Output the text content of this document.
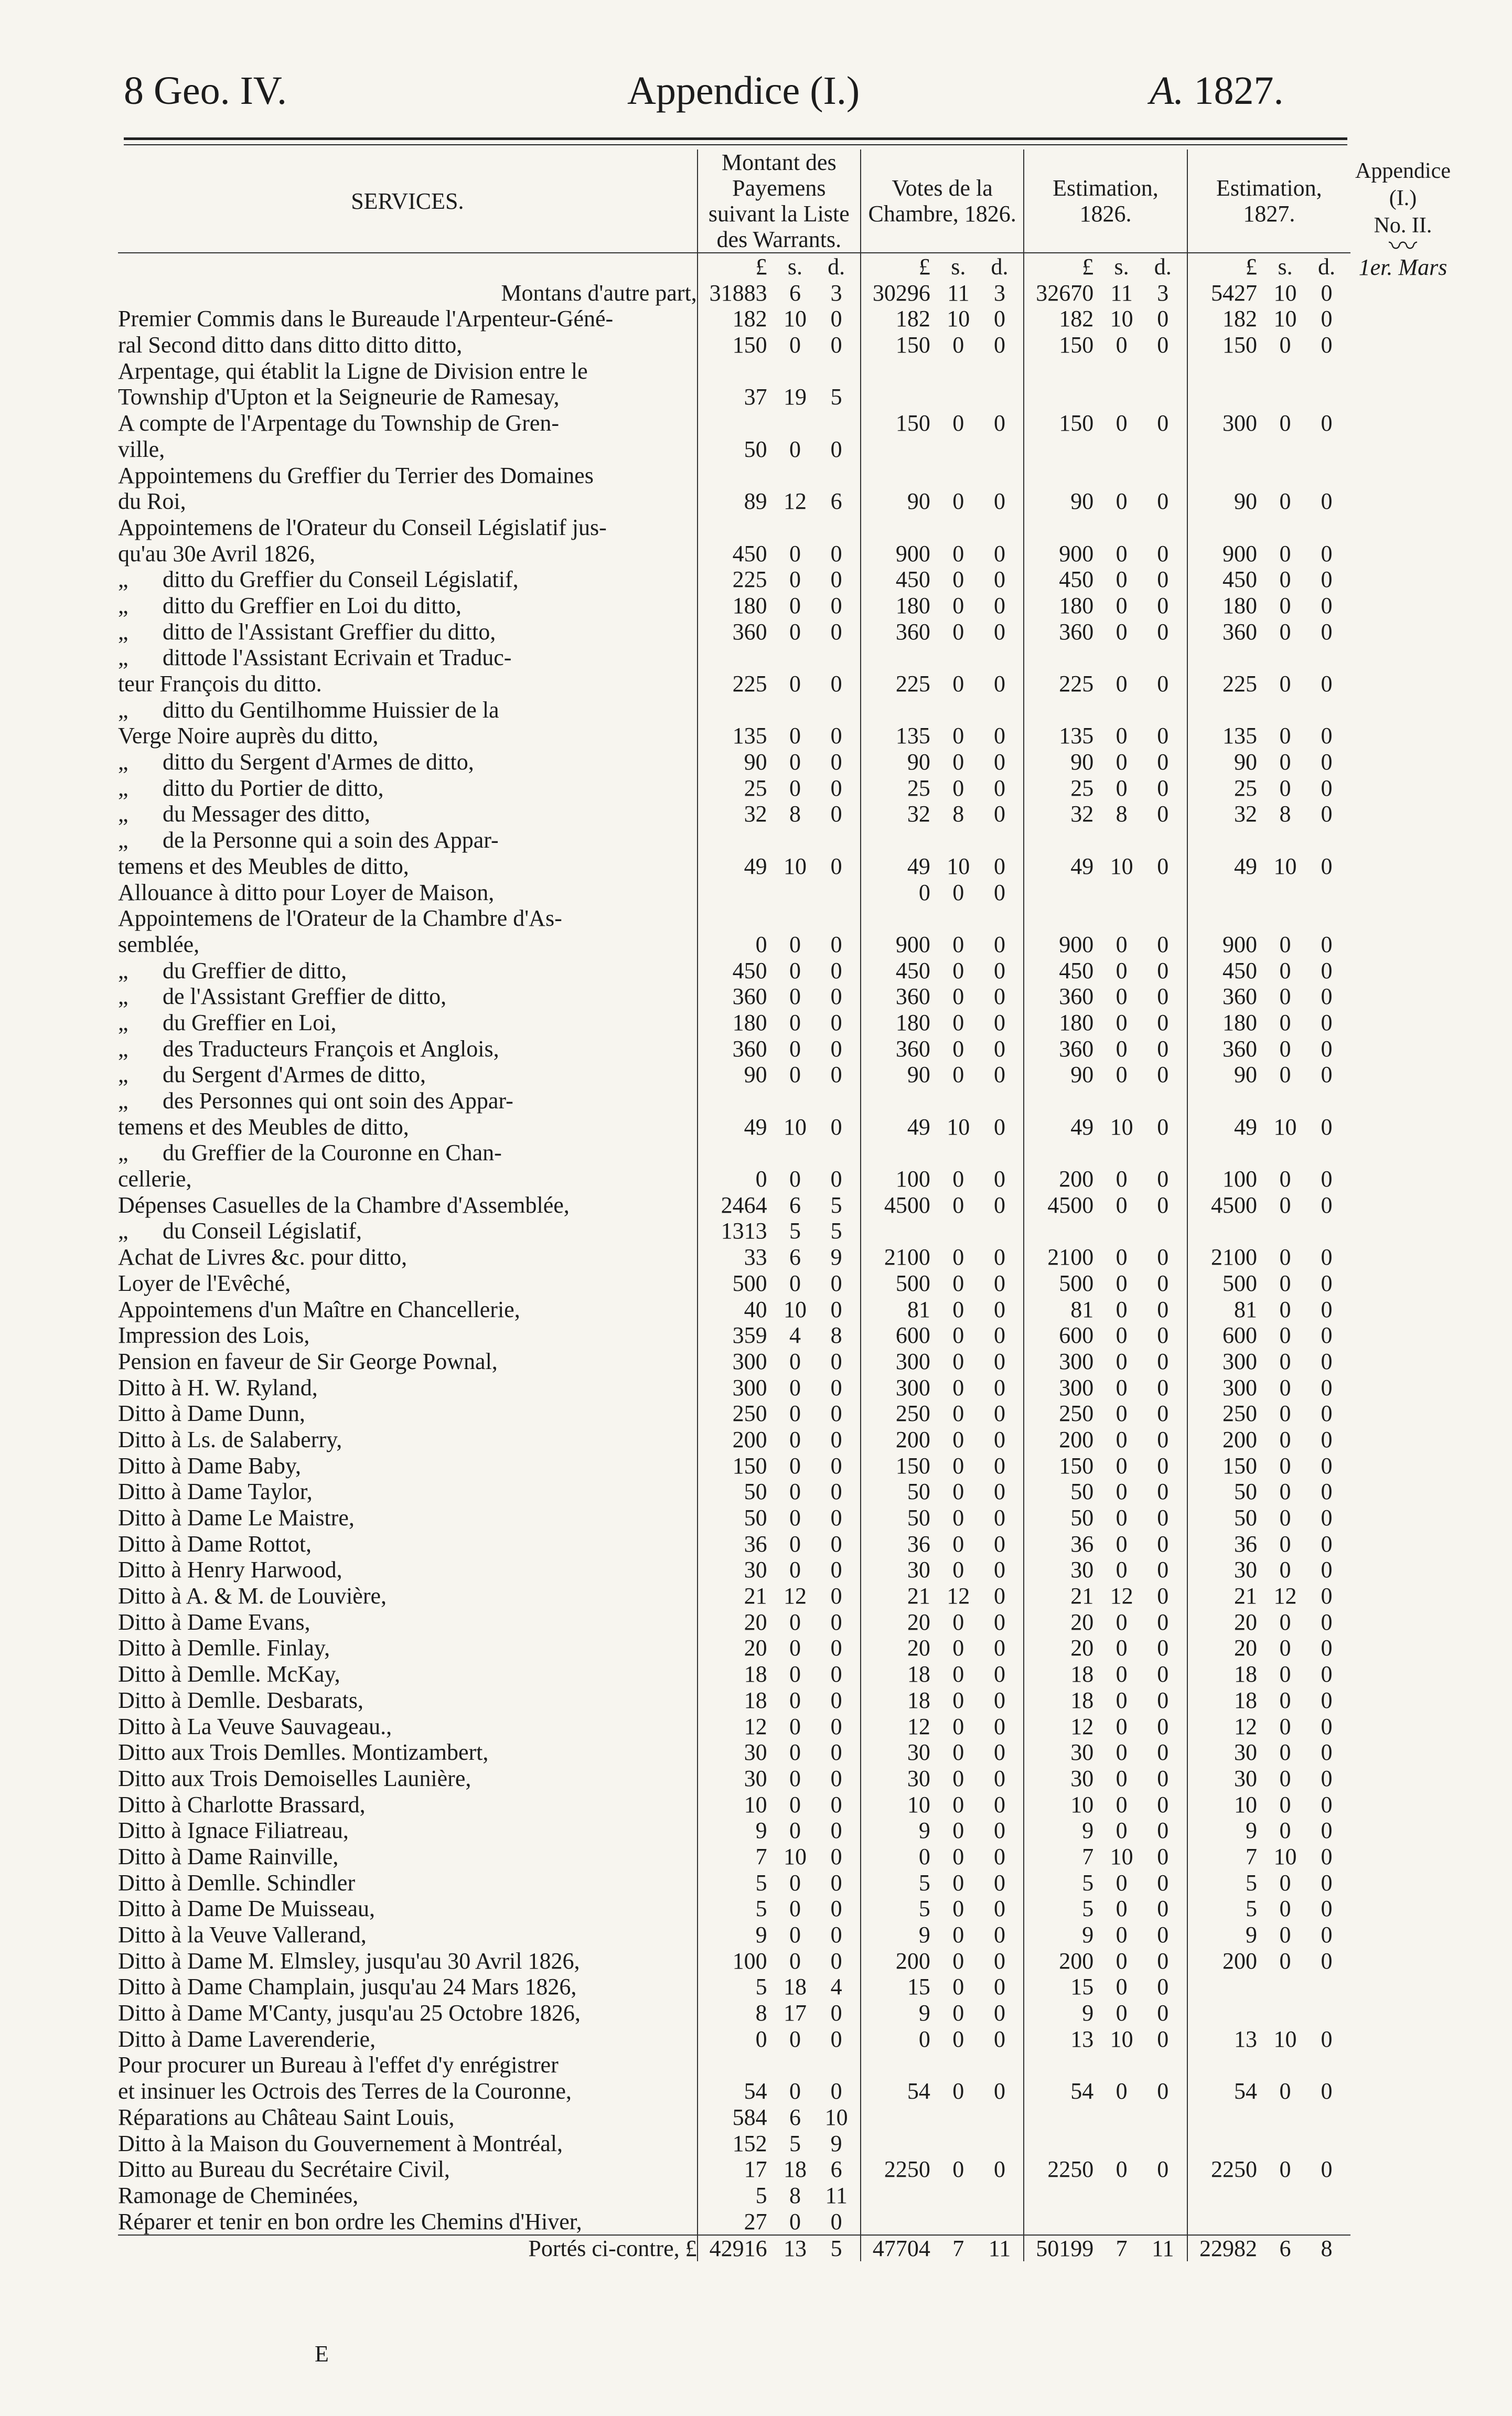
8 Geo. IV.	Appendice (I.)	A. 1827.
Appendice
(I.)
No. II.
〰
1er. Mars
SERVICES.	Montant des Payemens suivant la Liste des Warrants.	Votes de la Chambre, 1826.	Estimation, 1826.	Estimation, 1827.

	£ s. d.	£ s. d.	£ s. d.	£ s. d.

Montans d'autre part,	31883 6 3	30296 11 3	32670 11 3	5427 10 0

Premier Commis dans le Bureaude l'Arpenteur-Géné-	182 10 0	182 10 0	182 10 0	182 10 0

ral Second ditto dans ditto ditto ditto,	150 0 0	150 0 0	150 0 0	150 0 0

Arpentage, qui établit la Ligne de Division entre le	

Township d'Upton et la Seigneurie de Ramesay,	37 19 5			

A compte de l'Arpentage du Township de Gren-		150 0 0	150 0 0	300 0 0

ville,	50 0 0			

Appointemens du Greffier du Terrier des Domaines	

du Roi,	89 12 6	90 0 0	90 0 0	90 0 0

Appointemens de l'Orateur du Conseil Législatif jus-	

qu'au 30e Avril 1826,	450 0 0	900 0 0	900 0 0	900 0 0

„ ditto du Greffier du Conseil Législatif,	225 0 0	450 0 0	450 0 0	450 0 0

„ ditto du Greffier en Loi du ditto,	180 0 0	180 0 0	180 0 0	180 0 0

„ ditto de l'Assistant Greffier du ditto,	360 0 0	360 0 0	360 0 0	360 0 0

„ dittode l'Assistant Ecrivain et Traduc-	

teur François du ditto.	225 0 0	225 0 0	225 0 0	225 0 0

„ ditto du Gentilhomme Huissier de la	

Verge Noire auprès du ditto,	135 0 0	135 0 0	135 0 0	135 0 0

„ ditto du Sergent d'Armes de ditto,	90 0 0	90 0 0	90 0 0	90 0 0

„ ditto du Portier de ditto,	25 0 0	25 0 0	25 0 0	25 0 0

„ du Messager des ditto,	32 8 0	32 8 0	32 8 0	32 8 0

„ de la Personne qui a soin des Appar-	

temens et des Meubles de ditto,	49 10 0	49 10 0	49 10 0	49 10 0

Allouance à ditto pour Loyer de Maison,		0 0 0		

Appointemens de l'Orateur de la Chambre d'As-	

semblée,	0 0 0	900 0 0	900 0 0	900 0 0

„ du Greffier de ditto,	450 0 0	450 0 0	450 0 0	450 0 0

„ de l'Assistant Greffier de ditto,	360 0 0	360 0 0	360 0 0	360 0 0

„ du Greffier en Loi,	180 0 0	180 0 0	180 0 0	180 0 0

„ des Traducteurs François et Anglois,	360 0 0	360 0 0	360 0 0	360 0 0

„ du Sergent d'Armes de ditto,	90 0 0	90 0 0	90 0 0	90 0 0

„ des Personnes qui ont soin des Appar-	

temens et des Meubles de ditto,	49 10 0	49 10 0	49 10 0	49 10 0

„ du Greffier de la Couronne en Chan-	

cellerie,	0 0 0	100 0 0	200 0 0	100 0 0

Dépenses Casuelles de la Chambre d'Assemblée,	2464 6 5	4500 0 0	4500 0 0	4500 0 0

„ du Conseil Législatif,	1313 5 5			

Achat de Livres &c. pour ditto,	33 6 9	2100 0 0	2100 0 0	2100 0 0

Loyer de l'Evêché,	500 0 0	500 0 0	500 0 0	500 0 0

Appointemens d'un Maître en Chancellerie,	40 10 0	81 0 0	81 0 0	81 0 0

Impression des Lois,	359 4 8	600 0 0	600 0 0	600 0 0

Pension en faveur de Sir George Pownal,	300 0 0	300 0 0	300 0 0	300 0 0

Ditto à H. W. Ryland,	300 0 0	300 0 0	300 0 0	300 0 0

Ditto à Dame Dunn,	250 0 0	250 0 0	250 0 0	250 0 0

Ditto à Ls. de Salaberry,	200 0 0	200 0 0	200 0 0	200 0 0

Ditto à Dame Baby,	150 0 0	150 0 0	150 0 0	150 0 0

Ditto à Dame Taylor,	50 0 0	50 0 0	50 0 0	50 0 0

Ditto à Dame Le Maistre,	50 0 0	50 0 0	50 0 0	50 0 0

Ditto à Dame Rottot,	36 0 0	36 0 0	36 0 0	36 0 0

Ditto à Henry Harwood,	30 0 0	30 0 0	30 0 0	30 0 0

Ditto à A. & M. de Louvière,	21 12 0	21 12 0	21 12 0	21 12 0

Ditto à Dame Evans,	20 0 0	20 0 0	20 0 0	20 0 0

Ditto à Demlle. Finlay,	20 0 0	20 0 0	20 0 0	20 0 0

Ditto à Demlle. McKay,	18 0 0	18 0 0	18 0 0	18 0 0

Ditto à Demlle. Desbarats,	18 0 0	18 0 0	18 0 0	18 0 0

Ditto à La Veuve Sauvageau.,	12 0 0	12 0 0	12 0 0	12 0 0

Ditto aux Trois Demlles. Montizambert,	30 0 0	30 0 0	30 0 0	30 0 0

Ditto aux Trois Demoiselles Launière,	30 0 0	30 0 0	30 0 0	30 0 0

Ditto à Charlotte Brassard,	10 0 0	10 0 0	10 0 0	10 0 0

Ditto à Ignace Filiatreau,	9 0 0	9 0 0	9 0 0	9 0 0

Ditto à Dame Rainville,	7 10 0	0 0 0	7 10 0	7 10 0

Ditto à Demlle. Schindler	5 0 0	5 0 0	5 0 0	5 0 0

Ditto à Dame De Muisseau,	5 0 0	5 0 0	5 0 0	5 0 0

Ditto à la Veuve Vallerand,	9 0 0	9 0 0	9 0 0	9 0 0

Ditto à Dame M. Elmsley, jusqu'au 30 Avril 1826,	100 0 0	200 0 0	200 0 0	200 0 0

Ditto à Dame Champlain, jusqu'au 24 Mars 1826,	5 18 4	15 0 0	15 0 0	

Ditto à Dame M'Canty, jusqu'au 25 Octobre 1826,	8 17 0	9 0 0	9 0 0	

Ditto à Dame Laverenderie,	0 0 0	0 0 0	13 10 0	13 10 0

Pour procurer un Bureau à l'effet d'y enrégistrer	

et insinuer les Octrois des Terres de la Couronne,	54 0 0	54 0 0	54 0 0	54 0 0

Réparations au Château Saint Louis,	584 6 10			

Ditto à la Maison du Gouvernement à Montréal,	152 5 9			

Ditto au Bureau du Secrétaire Civil,	17 18 6	2250 0 0	2250 0 0	2250 0 0

Ramonage de Cheminées,	5 8 11			

Réparer et tenir en bon ordre les Chemins d'Hiver,	27 0 0			

Portés ci-contre, £	42916 13 5	47704 7 11	50199 7 11	22982 6 8
E
